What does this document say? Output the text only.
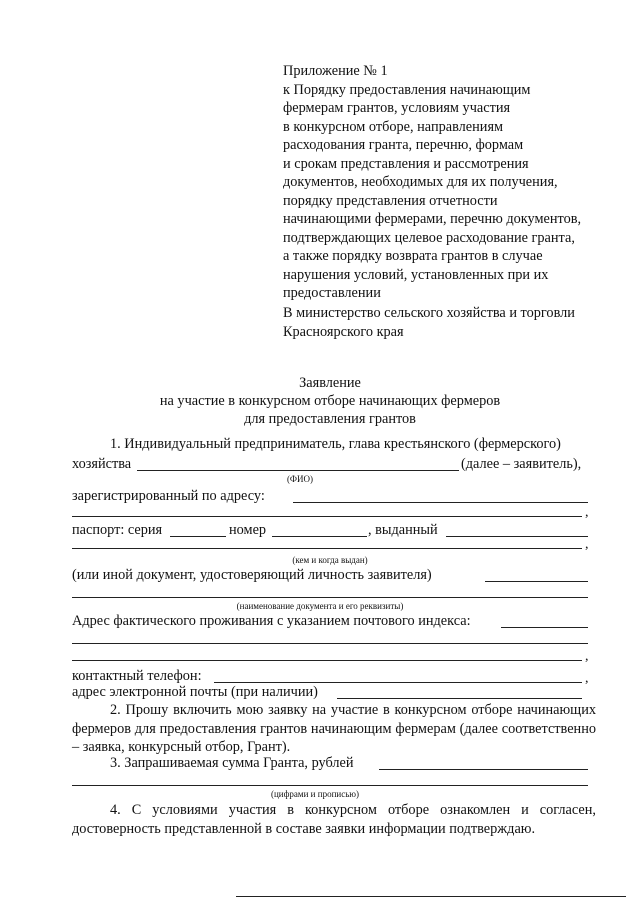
Приложение № 1
к Порядку предоставления начинающим
фермерам грантов, условиям участия
в конкурсном отборе, направлениям
расходования гранта, перечню, формам
и срокам представления и рассмотрения
документов, необходимых для их получения,
порядку представления отчетности
начинающими фермерами, перечню документов,
подтверждающих целевое расходование гранта,
а также порядку возврата грантов в случае
нарушения условий, установленных при их
предоставлении
В министерство сельского хозяйства и торговли
Красноярского края
Заявление
на участие в конкурсном отборе начинающих фермеров
для предоставления грантов
1. Индивидуальный предприниматель, глава крестьянского (фермерского)
хозяйства	(далее – заявитель),
(ФИО)
зарегистрированный по адресу:
,
паспорт: серия	номер	, выданный
,
(кем и когда выдан)
(или иной документ, удостоверяющий личность заявителя)
(наименование документа и его реквизиты)
Адрес фактического проживания с указанием почтового индекса:
,
контактный телефон:	,
адрес электронной почты (при наличии)
2. Прошу включить мою заявку на участие в конкурсном отборе начинающих фермеров для предоставления грантов начинающим фермерам (далее соответственно – заявка, конкурсный отбор, Грант).
3. Запрашиваемая сумма Гранта, рублей
(цифрами и прописью)
4. С условиями участия в конкурсном отборе ознакомлен и согласен, достоверность представленной в составе заявки информации подтверждаю.
